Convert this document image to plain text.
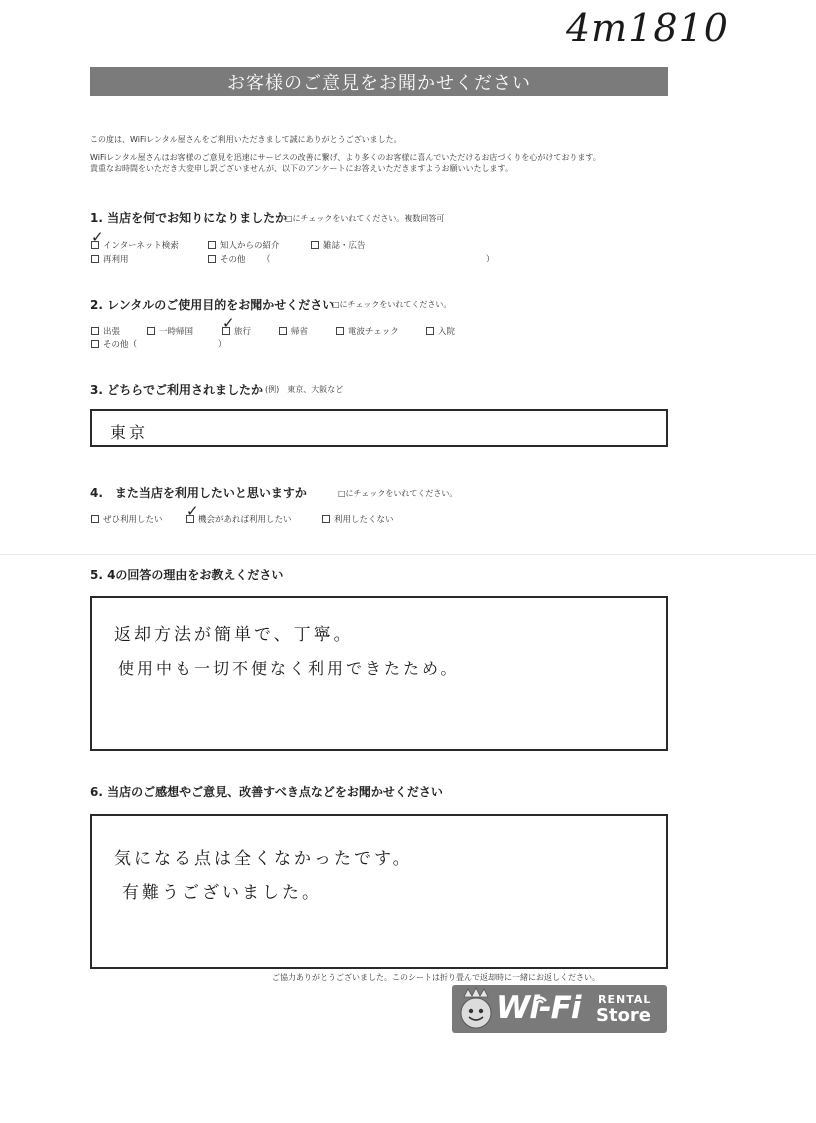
4m1810
お客様のご意見をお聞かせください
この度は、WiFiレンタル屋さんをご利用いただきまして誠にありがとうございました。
WiFiレンタル屋さんはお客様のご意見を迅速にサービスの改善に繋げ、より多くのお客様に喜んでいただけるお店づくりを心がけております。
貴重なお時間をいただき大変申し訳ございませんが、以下のアンケートにお答えいただきますようお願いいたします。
1. 当店を何でお知りになりましたか
□にチェックをいれてください。複数回答可
✓ インターネット検索	知人からの紹介	雑誌・広告
再利用	その他 （	）
2. レンタルのご使用目的をお聞かせください
□にチェックをいれてください。
出張	一時帰国 ✓ 旅行	帰省	電波チェック	入院
その他（	）
3. どちらでご利用されましたか (例)　東京、大阪など
東京
4.　また当店を利用したいと思いますか	□にチェックをいれてください。
ぜひ利用したい ✓ 機会があれば利用したい	利用したくない
5. 4の回答の理由をお教えください
返却方法が簡単で、丁寧。
使用中も一切不便なく利用できたため。
6. 当店のご感想やご意見、改善すべき点などをお聞かせください
気になる点は全くなかったです。
有難うございました。
ご協力ありがとうございました。このシートは折り畳んで返却時に一緒にお返しください。
Wi-Fi RENTAL
Store
